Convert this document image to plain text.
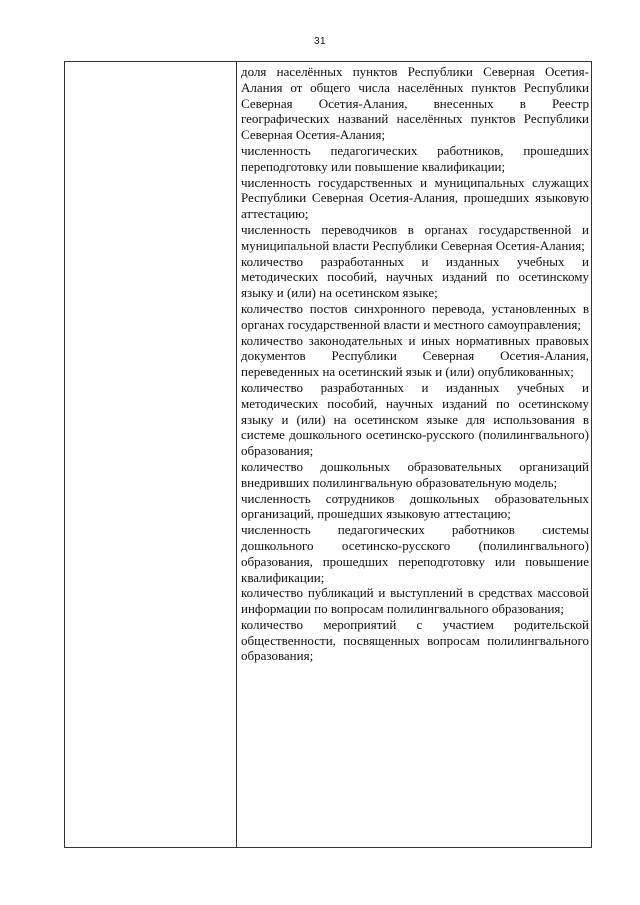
31

доля населённых пунктов Республики Северная Осетия-Алания от общего числа населённых пунктов Республики Северная Осетия-Алания, внесенных в Реестр географических названий населённых пунктов Республики Северная Осетия-Алания;

численность педагогических работников, прошедших переподготовку или повышение квалификации;

численность государственных и муниципальных служащих Республики Северная Осетия-Алания, прошедших языковую аттестацию;

численность переводчиков в органах государственной и муниципальной власти Республики Северная Осетия-Алания;

количество разработанных и изданных учебных и методических пособий, научных изданий по осетинскому языку и (или) на осетинском языке;

количество постов синхронного перевода, установленных в органах государственной власти и местного самоуправления;

количество законодательных и иных нормативных правовых документов Республики Северная Осетия-Алания, переведенных на осетинский язык и (или) опубликованных;

количество разработанных и изданных учебных и методических пособий, научных изданий по осетинскому языку и (или) на осетинском языке для использования в системе дошкольного осетинско-русского (полилингвального) образования;

количество дошкольных образовательных организаций внедривших полилингвальную образовательную модель;

численность сотрудников дошкольных образовательных организаций, прошедших языковую аттестацию;

численность педагогических работников системы дошкольного осетинско-русского (полилингвального) образования, прошедших переподготовку или повышение квалификации;

количество публикаций и выступлений в средствах массовой информации по вопросам полилингвального образования;

количество мероприятий с участием родительской общественности, посвященных вопросам полилингвального образования;
